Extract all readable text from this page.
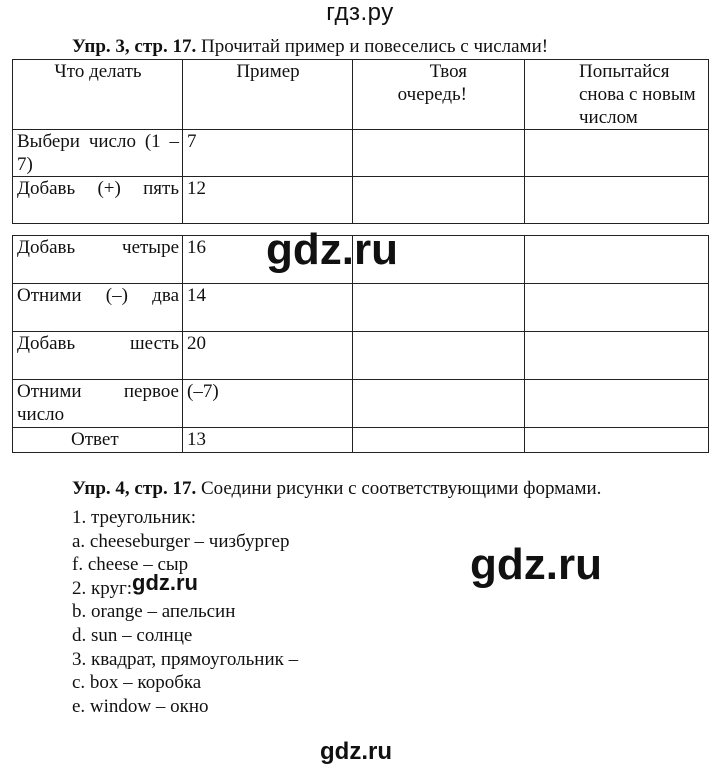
гдз.ру
Упр. 3, стр. 17. Прочитай пример и повеселись с числами!
Что делать	Пример	Твоя очередь!	Попытайся снова с новым числом

Выбери число (1 – 7)	7		
Добавь (+) пять	12		
Добавь четыре	16		
Отними (–) два	14		
Добавь шесть	20		

Отними первое число	(–7)		

Ответ	13		
Упр. 4, стр. 17. Соедини рисунки с соответствующими формами.
1. треугольник:
a. cheeseburger – чизбургер
f. cheese – сыр
2. круг:
b. orange – апельсин
d. sun – солнце
3. квадрат, прямоугольник –
c. box – коробка
e. window – окно
gdz.ru
gdz.ru
gdz.ru
gdz.ru
